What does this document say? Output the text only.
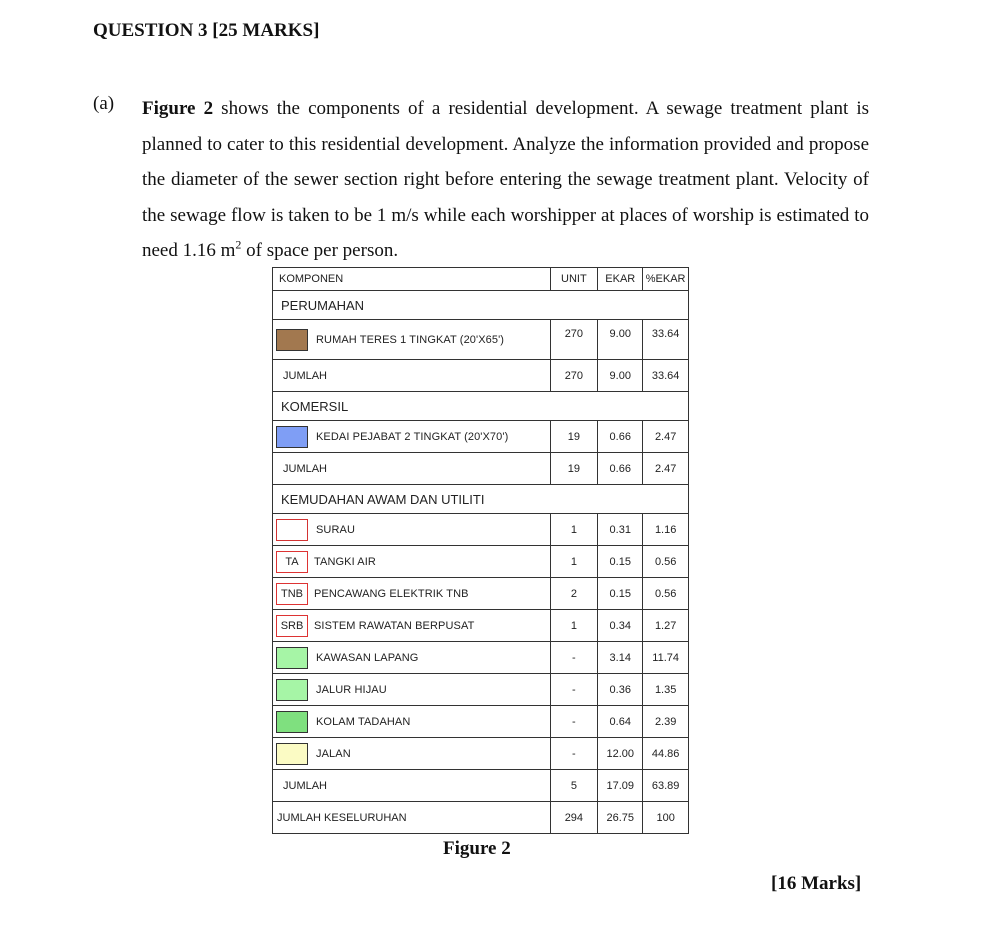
QUESTION 3 [25 MARKS]
(a) Figure 2 shows the components of a residential development. A sewage treatment plant is planned to cater to this residential development. Analyze the information provided and propose the diameter of the sewer section right before entering the sewage treatment plant. Velocity of the sewage flow is taken to be 1 m/s while each worshipper at places of worship is estimated to need 1.16 $m^2$ of space per person.
KOMPONEN	UNIT	EKAR	%EKAR
PERUMAHAN			

RUMAH TERES 1 TINGKAT (20'X65')	270	9.00	33.64
JUMLAH	270	9.00	33.64
KOMERSIL			

KEDAI PEJABAT 2 TINGKAT (20'X70')	19	0.66	2.47
JUMLAH	19	0.66	2.47
KEMUDAHAN AWAM DAN UTILITI			

SURAU	1	0.31	1.16

TA TANGKI AIR	1	0.15	0.56

TNB PENCAWANG ELEKTRIK TNB	2	0.15	0.56

SRB SISTEM RAWATAN BERPUSAT	1	0.34	1.27

KAWASAN LAPANG	-	3.14	11.74

JALUR HIJAU	-	0.36	1.35

KOLAM TADAHAN	-	0.64	2.39

JALAN	-	12.00	44.86
JUMLAH	5	17.09	63.89
JUMLAH KESELURUHAN	294	26.75	100
Figure 2
[16 Marks]
